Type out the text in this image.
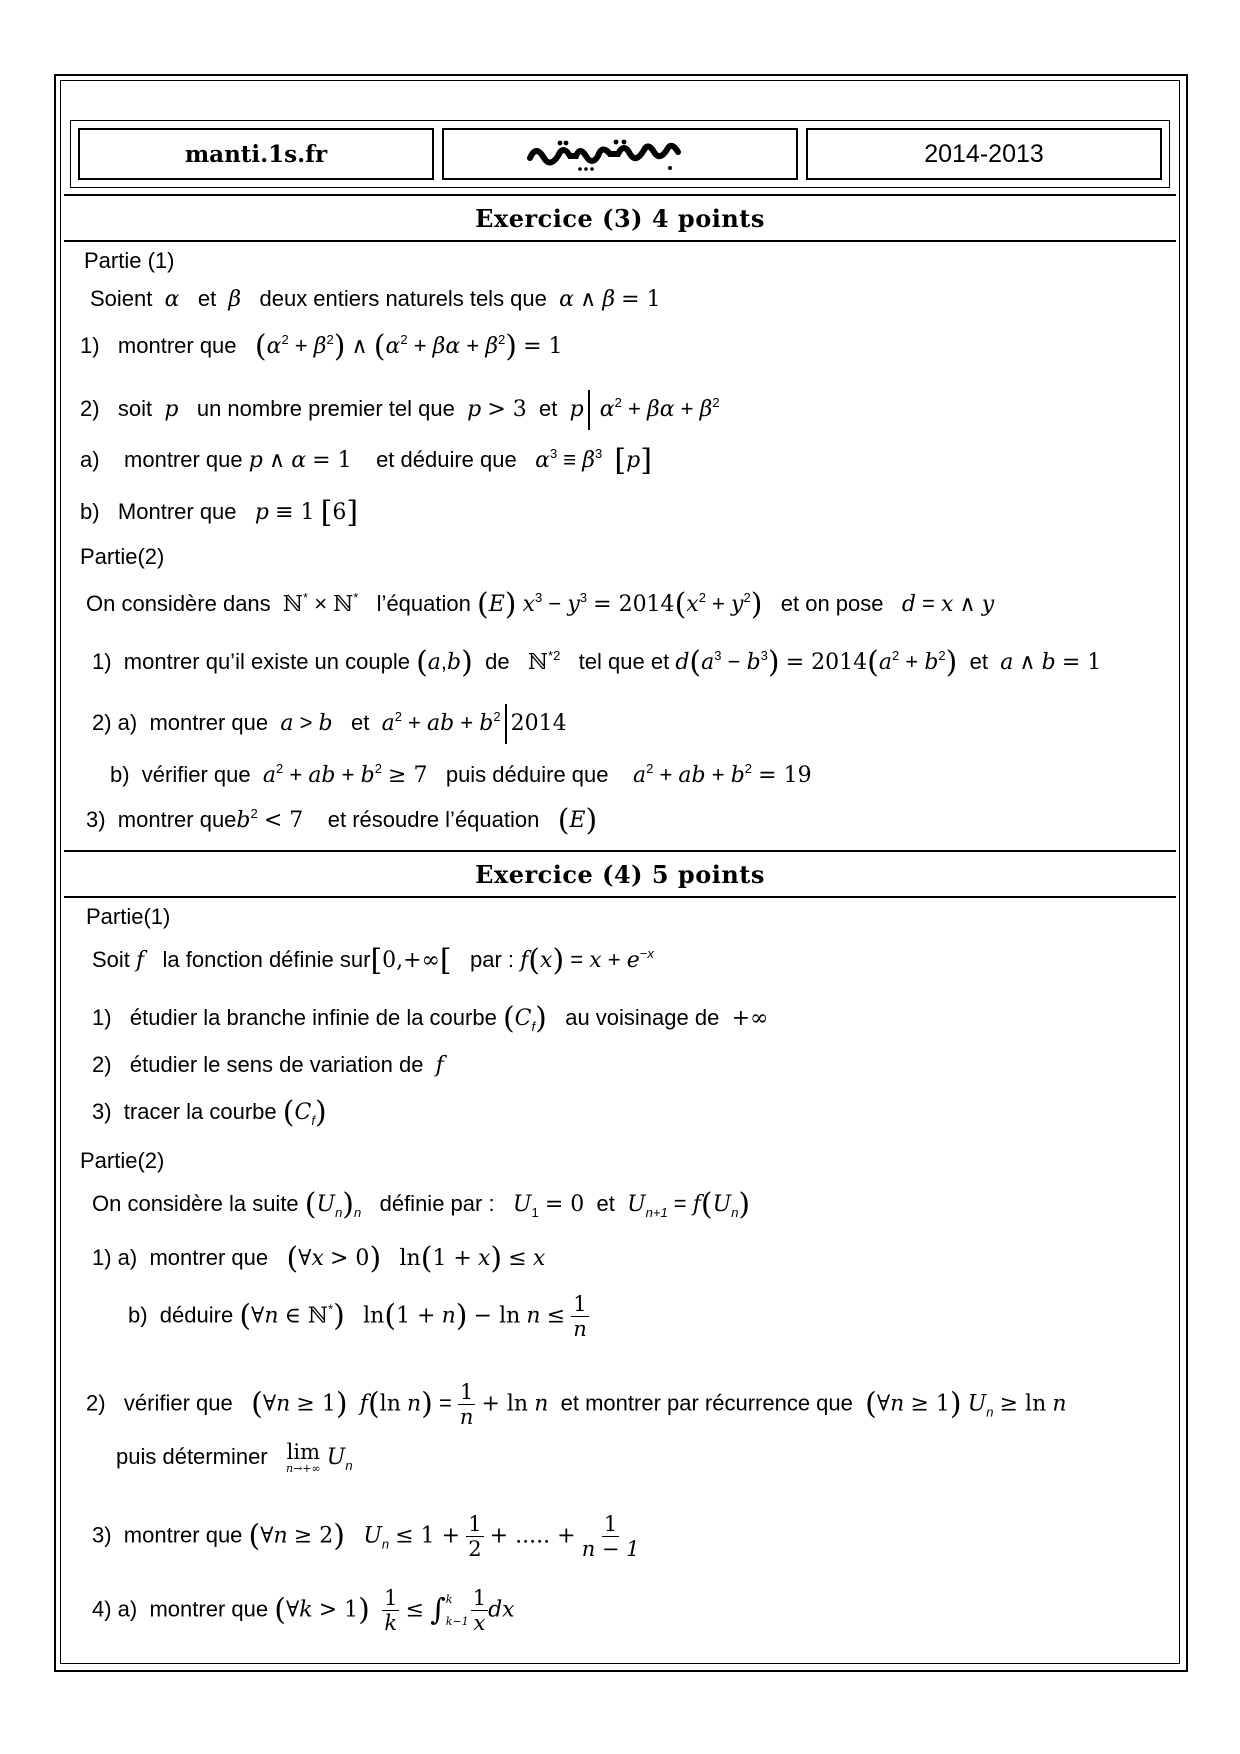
manti.1s.fr	2014-2013
Exercice (3) 4 points
Partie (1)
Soient α et β deux entiers naturels tels que α ∧ β = 1
1) montrer que $(\alpha^2 + \beta^2)$ ∧ $(\alpha^2 + \beta\alpha + \beta^2) = 1$
2) soit p un nombre premier tel que p > 3 et p $\alpha^2 + \beta\alpha + \beta^2$
a) montrer que p ∧ α = 1 et déduire que $\alpha^3 \equiv \beta^3$ [p]
b) Montrer que p ≡ 1 [6]
Partie(2)
On considère dans ℕ* × ℕ* l’équation (E) $x^3 - y^3 = 2014(x^2 + y^2)$ et on pose d = x ∧ y
1) montrer qu’il existe un couple (a,b) de ℕ$^{*2}$ tel que et $d(a^3 - b^3) = 2014(a^2 + b^2)$ et a ∧ b = 1
2) a) montrer que a > b et $a^2$ + ab + $b^2$ 2014
b) vérifier que $a^2$ + ab + $b^2 \ge 7$ puis déduire que $a^2$ + ab + $b^2 = 19$
3) montrer queb$^2$ < 7 et résoudre l’équation (E)
Exercice (4) 5 points
Partie(1)
Soit f la fonction définie sur[0,+∞[ par : $f(x) = x + e^{-x}$
1) étudier la branche infinie de la courbe $(C_f)$ au voisinage de +∞
2) étudier le sens de variation de f
3) tracer la courbe $(C_f)$
Partie(2)
On considère la suite $(U_n)_n$ définie par : $U_1 = 0$ et $U_{n+1} = f(U_n)$
1) a) montrer que (∀x > 0) ln(1 + x) ≤ x
b) déduire (∀n ∈ ℕ*) $\ln(1 + n) - \ln n \le \frac{1}{n}$
2) vérifier que (∀n ≥ 1) f(ln $n) = \frac{1}{n} + \ln n$ et montrer par récurrence que (∀n ≥ 1) $U_n \ge \ln n$
puis déterminer lim
n→+∞ $U_n$
3) montrer que (∀n ≥ 2) $U_n \le 1 + \frac{1}{2}$ + ..... + $\frac{1}{n - 1}$
4) a) montrer que (∀k > $1) \frac{1}{k}$ ≤ ∫ k

$k-1 \frac{1}{x}$ dx
